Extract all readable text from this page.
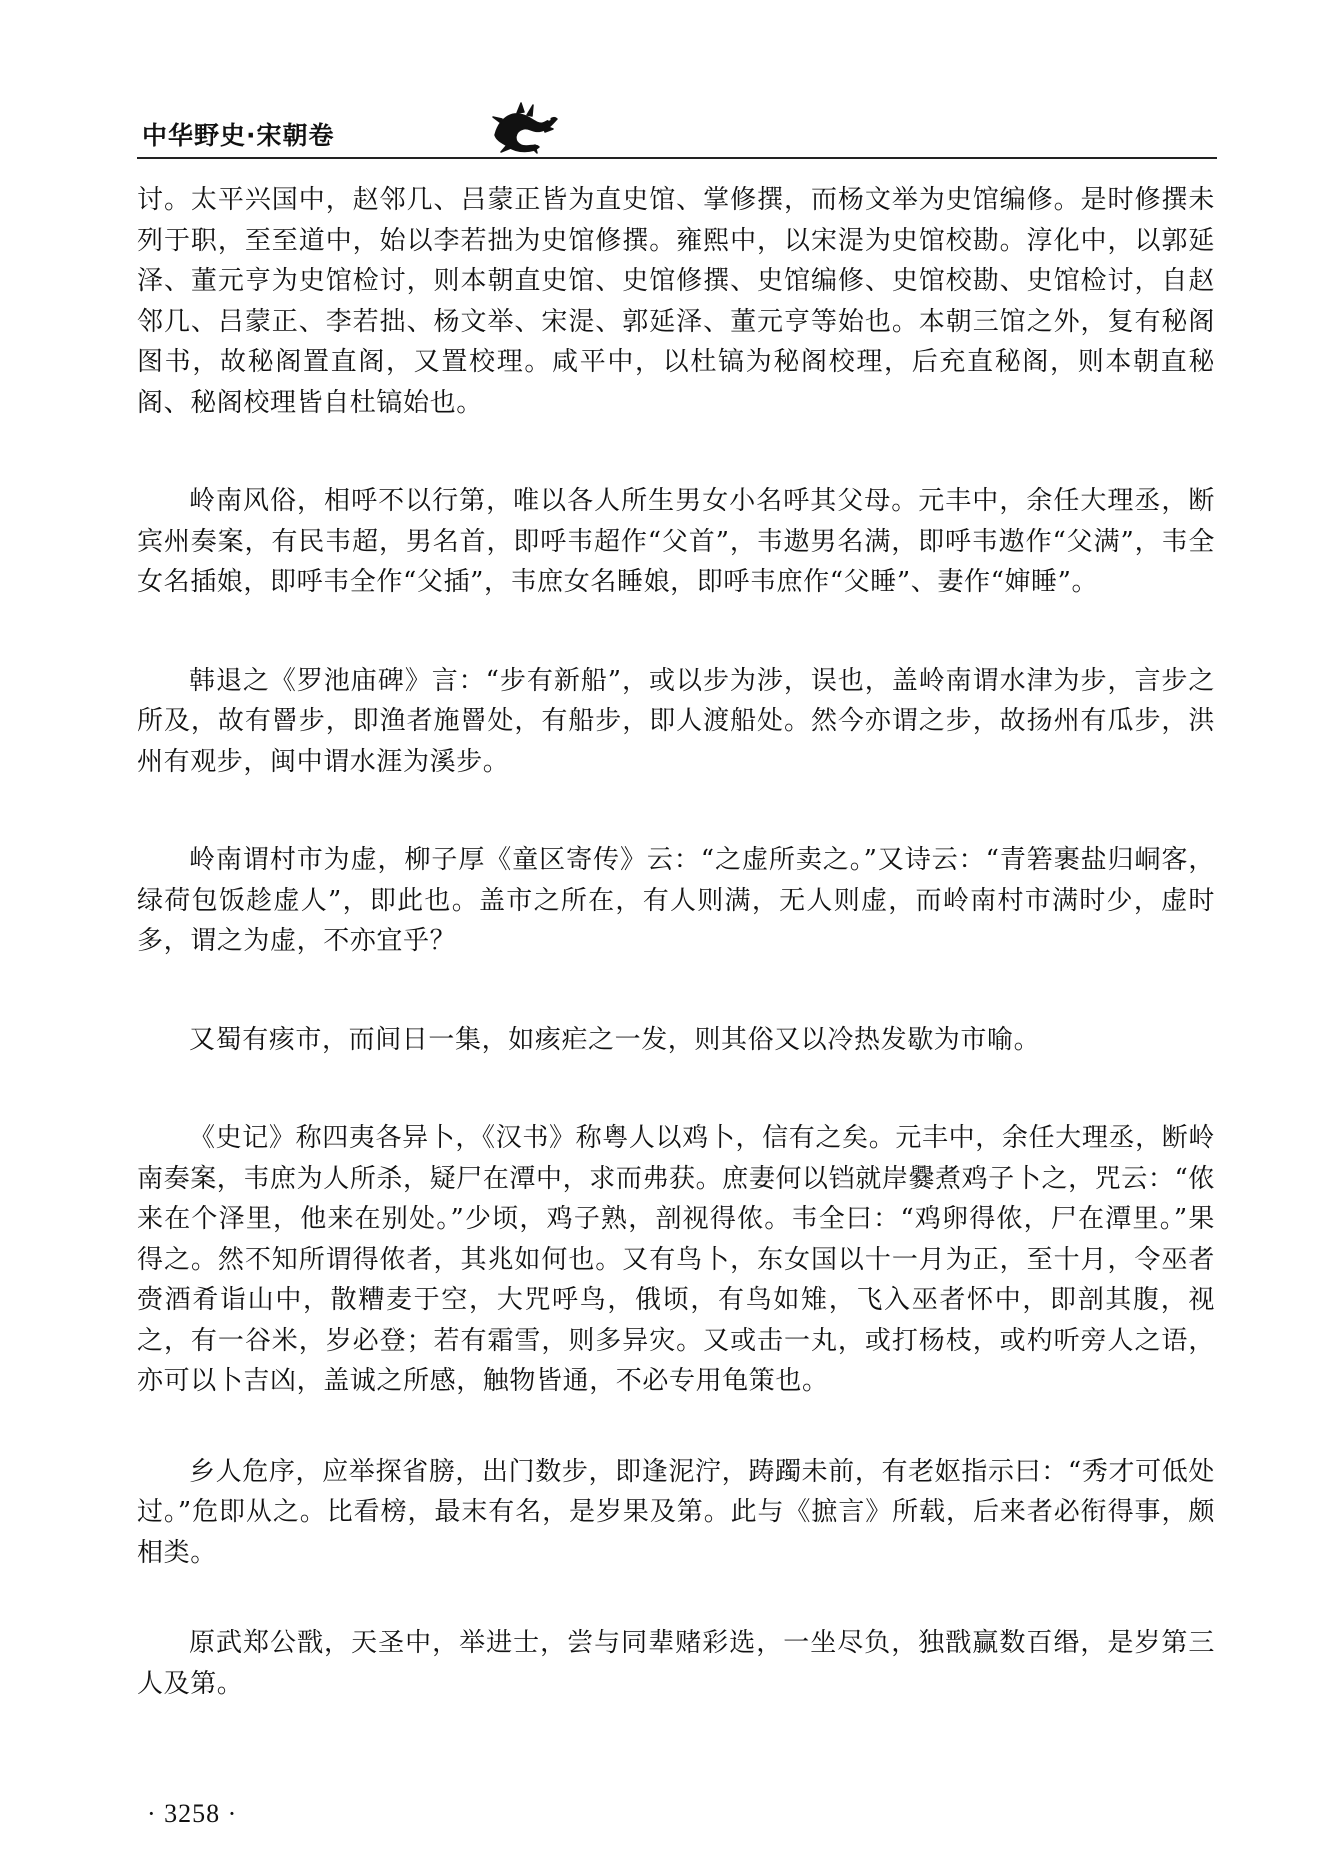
中华野史·宋朝卷

讨。太平兴国中，赵邻几、吕蒙正皆为直史馆、掌修撰，而杨文举为史馆编修。是时修撰未列于职，至至道中，始以李若拙为史馆修撰。雍熙中，以宋湜为史馆校勘。淳化中，以郭延泽、董元亨为史馆检讨，则本朝直史馆、史馆修撰、史馆编修、史馆校勘、史馆检讨，自赵邻几、吕蒙正、李若拙、杨文举、宋湜、郭延泽、董元亨等始也。本朝三馆之外，复有秘阁图书，故秘阁置直阁，又置校理。咸平中，以杜镐为秘阁校理，后充直秘阁，则本朝直秘阁、秘阁校理皆自杜镐始也。

岭南风俗，相呼不以行第，唯以各人所生男女小名呼其父母。元丰中，余任大理丞，断宾州奏案，有民韦超，男名首，即呼韦超作“父首”，韦遨男名满，即呼韦遨作“父满”，韦全女名插娘，即呼韦全作“父插”，韦庶女名睡娘，即呼韦庶作“父睡”、妻作“婶睡”。

韩退之《罗池庙碑》言：“步有新船”，或以步为涉，误也，盖岭南谓水津为步，言步之所及，故有罾步，即渔者施罾处，有船步，即人渡船处。然今亦谓之步，故扬州有瓜步，洪州有观步，闽中谓水涯为溪步。

岭南谓村市为虚，柳子厚《童区寄传》云：“之虚所卖之。”又诗云：“青箬裹盐归峒客，绿荷包饭趁虚人”，即此也。盖市之所在，有人则满，无人则虚，而岭南村市满时少，虚时多，谓之为虚，不亦宜乎？

又蜀有痎市，而间日一集，如痎疟之一发，则其俗又以冷热发歇为市喻。

《史记》称四夷各异卜，《汉书》称粤人以鸡卜，信有之矣。元丰中，余任大理丞，断岭南奏案，韦庶为人所杀，疑尸在潭中，求而弗获。庶妻何以铛就岸爨煮鸡子卜之，咒云：“侬来在个泽里，他来在别处。”少顷，鸡子熟，剖视得侬。韦全曰：“鸡卵得侬，尸在潭里。”果得之。然不知所谓得侬者，其兆如何也。又有鸟卜，东女国以十一月为正，至十月，令巫者赍酒肴诣山中，散糟麦于空，大咒呼鸟，俄顷，有鸟如雉，飞入巫者怀中，即剖其腹，视之，有一谷米，岁必登；若有霜雪，则多异灾。又或击一丸，或打杨枝，或杓听旁人之语，亦可以卜吉凶，盖诚之所感，触物皆通，不必专用龟策也。

乡人危序，应举探省膀，出门数步，即逢泥泞，踌躅未前，有老妪指示曰：“秀才可低处过。”危即从之。比看榜，最末有名，是岁果及第。此与《摭言》所载，后来者必衔得事，颇相类。

原武郑公戬，天圣中，举进士，尝与同辈赌彩选，一坐尽负，独戬赢数百缗，是岁第三人及第。

· 3258 ·
